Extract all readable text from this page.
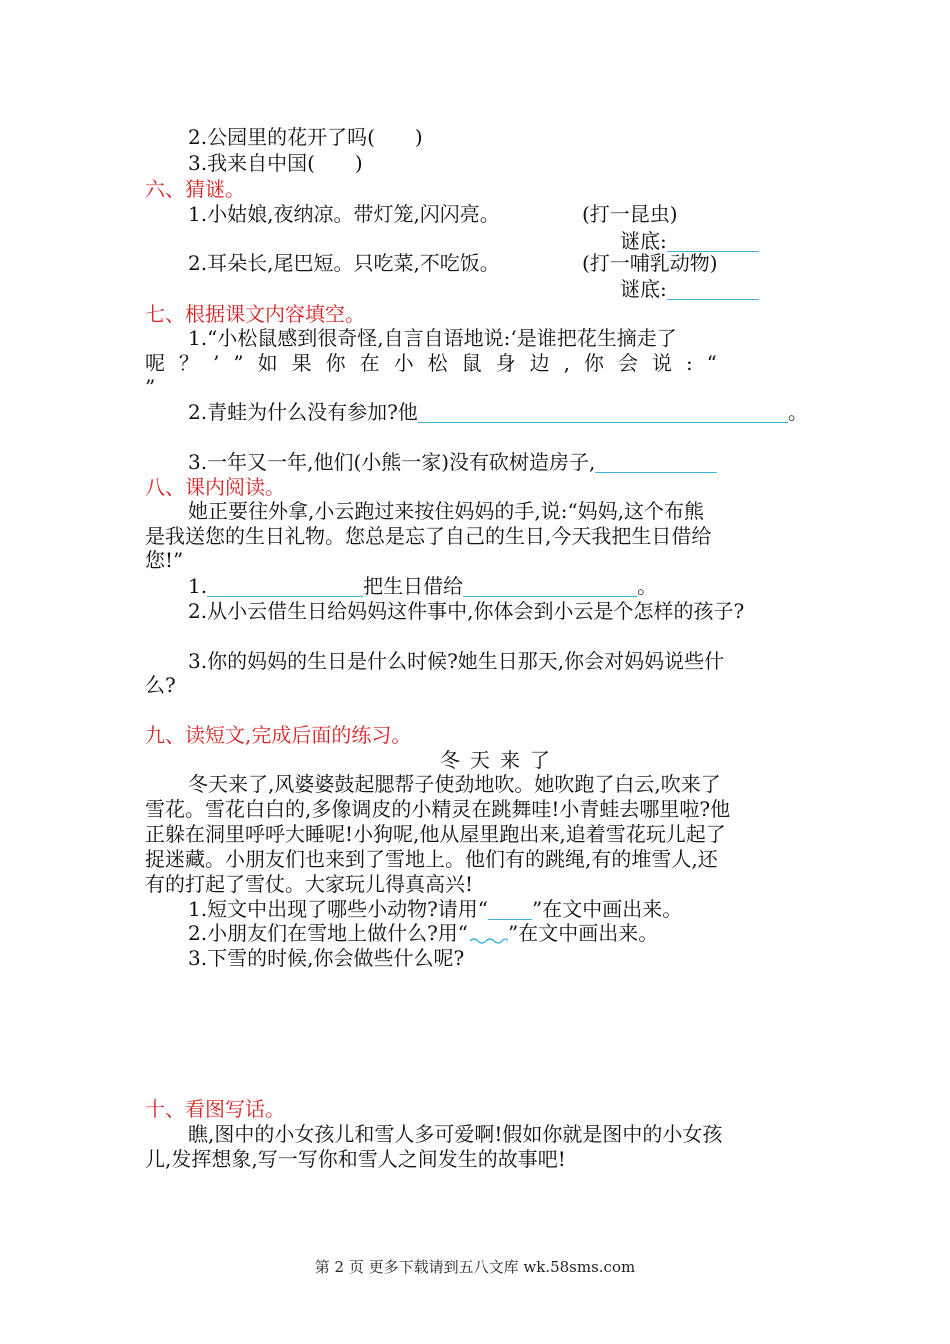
2.公园里的花开了吗(　　)
3.我来自中国(　　)
六、猜谜。
1.小姑娘,夜纳凉。带灯笼,闪闪亮。	(打一昆虫)
谜底:
2.耳朵长,尾巴短。只吃菜,不吃饭。	(打一哺乳动物)
谜底:
七、根据课文内容填空。
1.“小松鼠感到很奇怪,自言自语地说:‘是谁把花生摘走了
呢？’”如果你在小松鼠身边,你会说:“
”
2.青蛙为什么没有参加?他	。
3.一年又一年,他们(小熊一家)没有砍树造房子,
八、课内阅读。
她正要往外拿,小云跑过来按住妈妈的手,说:“妈妈,这个布熊
是我送您的生日礼物。您总是忘了自己的生日,今天我把生日借给
您!”
1.	把生日借给	。
2.从小云借生日给妈妈这件事中,你体会到小云是个怎样的孩子?
3.你的妈妈的生日是什么时候?她生日那天,你会对妈妈说些什
么?
九、读短文,完成后面的练习。
冬天来了
冬天来了,风婆婆鼓起腮帮子使劲地吹。她吹跑了白云,吹来了
雪花。雪花白白的,多像调皮的小精灵在跳舞哇!小青蛙去哪里啦?他
正躲在洞里呼呼大睡呢!小狗呢,他从屋里跑出来,追着雪花玩儿起了
捉迷藏。小朋友们也来到了雪地上。他们有的跳绳,有的堆雪人,还
有的打起了雪仗。大家玩儿得真高兴!
1.短文中出现了哪些小动物?请用“ ”在文中画出来。
2.小朋友们在雪地上做什么?用“ ”在文中画出来。
3.下雪的时候,你会做些什么呢?
十、看图写话。
瞧,图中的小女孩儿和雪人多可爱啊!假如你就是图中的小女孩
儿,发挥想象,写一写你和雪人之间发生的故事吧!
第 2 页 更多下载请到五八文库 wk.58sms.com
